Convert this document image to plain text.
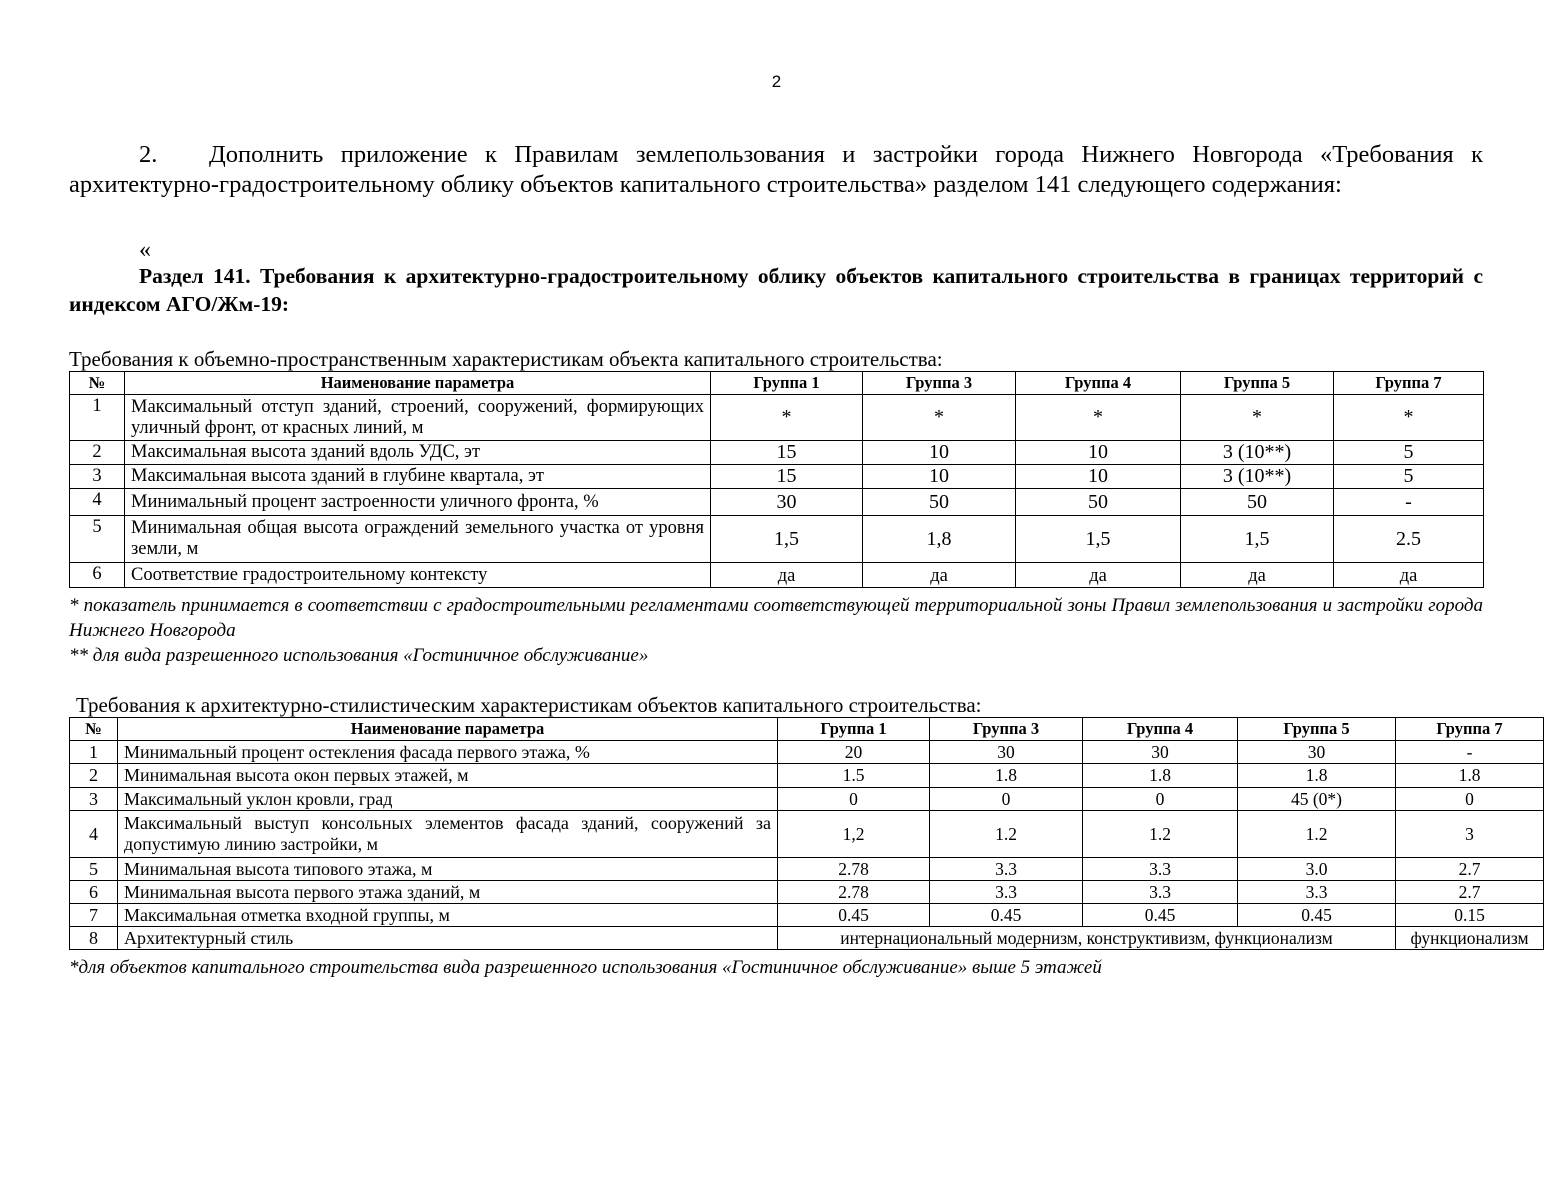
2
2. Дополнить приложение к Правилам землепользования и застройки города Нижнего Новгорода «Требования к архитектурно-градостроительному облику объектов капитального строительства» разделом 141 следующего содержания:
«
Раздел 141. Требования к архитектурно-градостроительному облику объектов капитального строительства в границах территорий с индексом АГО/Жм-19:
Требования к объемно-пространственным характеристикам объекта капитального строительства:
№	Наименование параметра	Группа 1	Группа 3	Группа 4	Группа 5	Группа 7
1	Максимальный отступ зданий, строений, сооружений, формирующих уличный фронт, от красных линий, м	*	*	*	*	*
2	Максимальная высота зданий вдоль УДС, эт	15	10	10	3 (10**)	5
3	Максимальная высота зданий в глубине квартала, эт	15	10	10	3 (10**)	5
4	Минимальный процент застроенности уличного фронта, %	30	50	50	50	-
5	Минимальная общая высота ограждений земельного участка от уровня земли, м	1,5	1,8	1,5	1,5	2.5
6	Соответствие градостроительному контексту	да	да	да	да	да
* показатель принимается в соответствии с градостроительными регламентами соответствующей территориальной зоны Правил землепользования и застройки города Нижнего Новгорода
** для вида разрешенного использования «Гостиничное обслуживание»
Требования к архитектурно-стилистическим характеристикам объектов капитального строительства:
№	Наименование параметра	Группа 1	Группа 3	Группа 4	Группа 5	Группа 7
1	Минимальный процент остекления фасада первого этажа, %	20	30	30	30	-
2	Минимальная высота окон первых этажей, м	1.5	1.8	1.8	1.8	1.8
3	Максимальный уклон кровли, град	0	0	0	45 (0*)	0
4	Максимальный выступ консольных элементов фасада зданий, сооружений за допустимую линию застройки, м	1,2	1.2	1.2	1.2	3
5	Минимальная высота типового этажа, м	2.78	3.3	3.3	3.0	2.7
6	Минимальная высота первого этажа зданий, м	2.78	3.3	3.3	3.3	2.7
7	Максимальная отметка входной группы, м	0.45	0.45	0.45	0.45	0.15
8	Архитектурный стиль	интернациональный модернизм, конструктивизм, функционализм				функционализм
*для объектов капитального строительства вида разрешенного использования «Гостиничное обслуживание» выше 5 этажей
